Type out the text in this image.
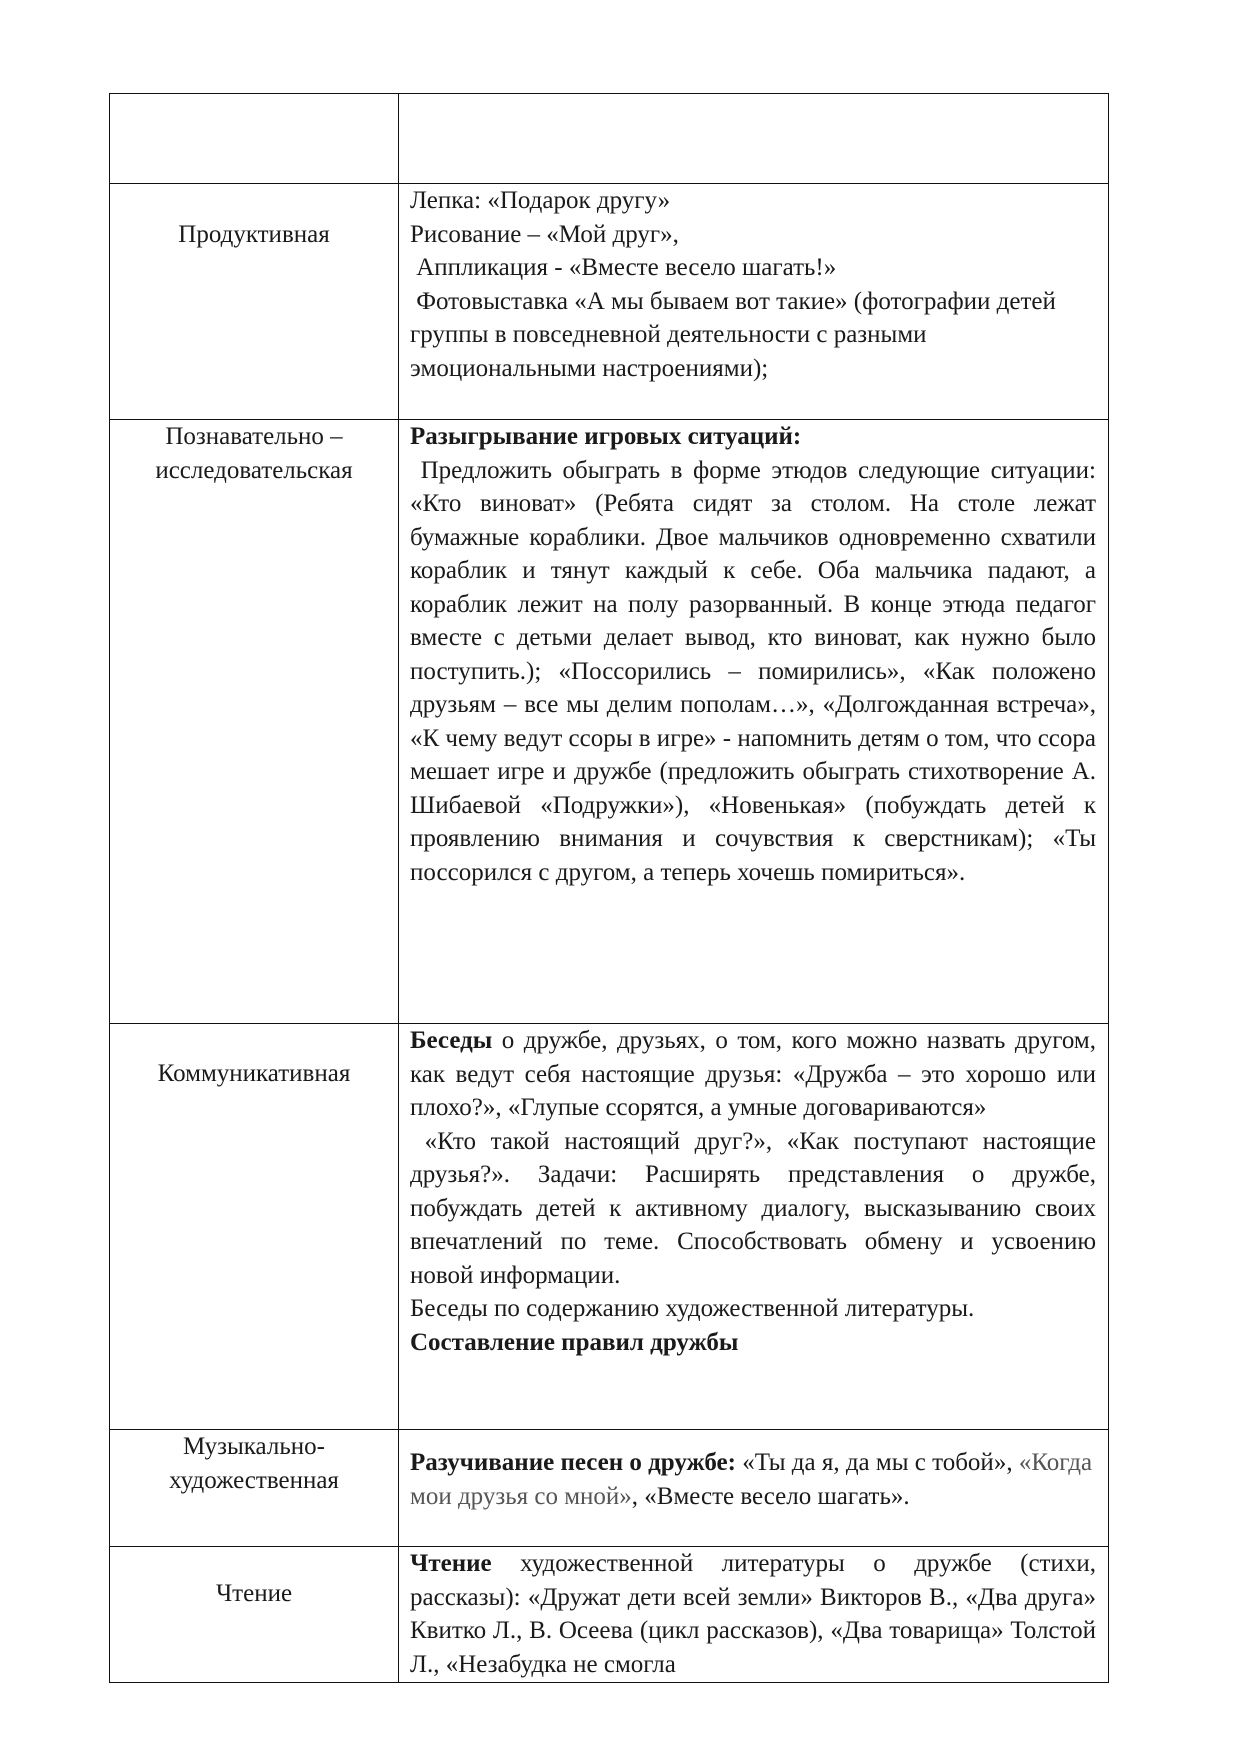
Продуктивная	Лепка: «Подарок другу»

Рисование – «Мой друг»,

Аппликация - «Вместе весело шагать!»

Фотовыставка «А мы бываем вот такие» (фотографии детей группы в повседневной деятельности с разными эмоциональными настроениями);

Познавательно – исследовательская	Разыгрывание игровых ситуаций:

Предложить обыграть в форме этюдов следующие ситуации: «Кто виноват» (Ребята сидят за столом. На столе лежат бумажные кораблики. Двое мальчиков одновременно схватили кораблик и тянут каждый к себе. Оба мальчика падают, а кораблик лежит на полу разорванный. В конце этюда педагог вместе с детьми делает вывод, кто виноват, как нужно было поступить.); «Поссорились – помирились», «Как положено друзьям – все мы делим пополам…», «Долгожданная встреча», «К чему ведут ссоры в игре» - напомнить детям о том, что ссора мешает игре и дружбе (предложить обыграть стихотворение А. Шибаевой «Подружки»), «Новенькая» (побуждать детей к проявлению внимания и сочувствия к сверстникам); «Ты поссорился с другом, а теперь хочешь помириться».

Коммуникативная	Беседы о дружбе, друзьях, о том, кого можно назвать другом, как ведут себя настоящие друзья: «Дружба – это хорошо или плохо?», «Глупые ссорятся, а умные договариваются»

«Кто такой настоящий друг?», «Как поступают настоящие друзья?». Задачи: Расширять представления о дружбе, побуждать детей к активному диалогу, высказыванию своих впечатлений по теме. Способствовать обмену и усвоению новой информации.

Беседы по содержанию художественной литературы.

Составление правил дружбы

Музыкально-художественная	Разучивание песен о дружбе: «Ты да я, да мы с тобой», «Когда мои друзья со мной», «Вместе весело шагать».

Чтение	Чтение художественной литературы о дружбе (стихи, рассказы): «Дружат дети всей земли» Викторов В., «Два друга» Квитко Л., В. Осеева (цикл рассказов), «Два товарища» Толстой Л., «Незабудка не смогла
